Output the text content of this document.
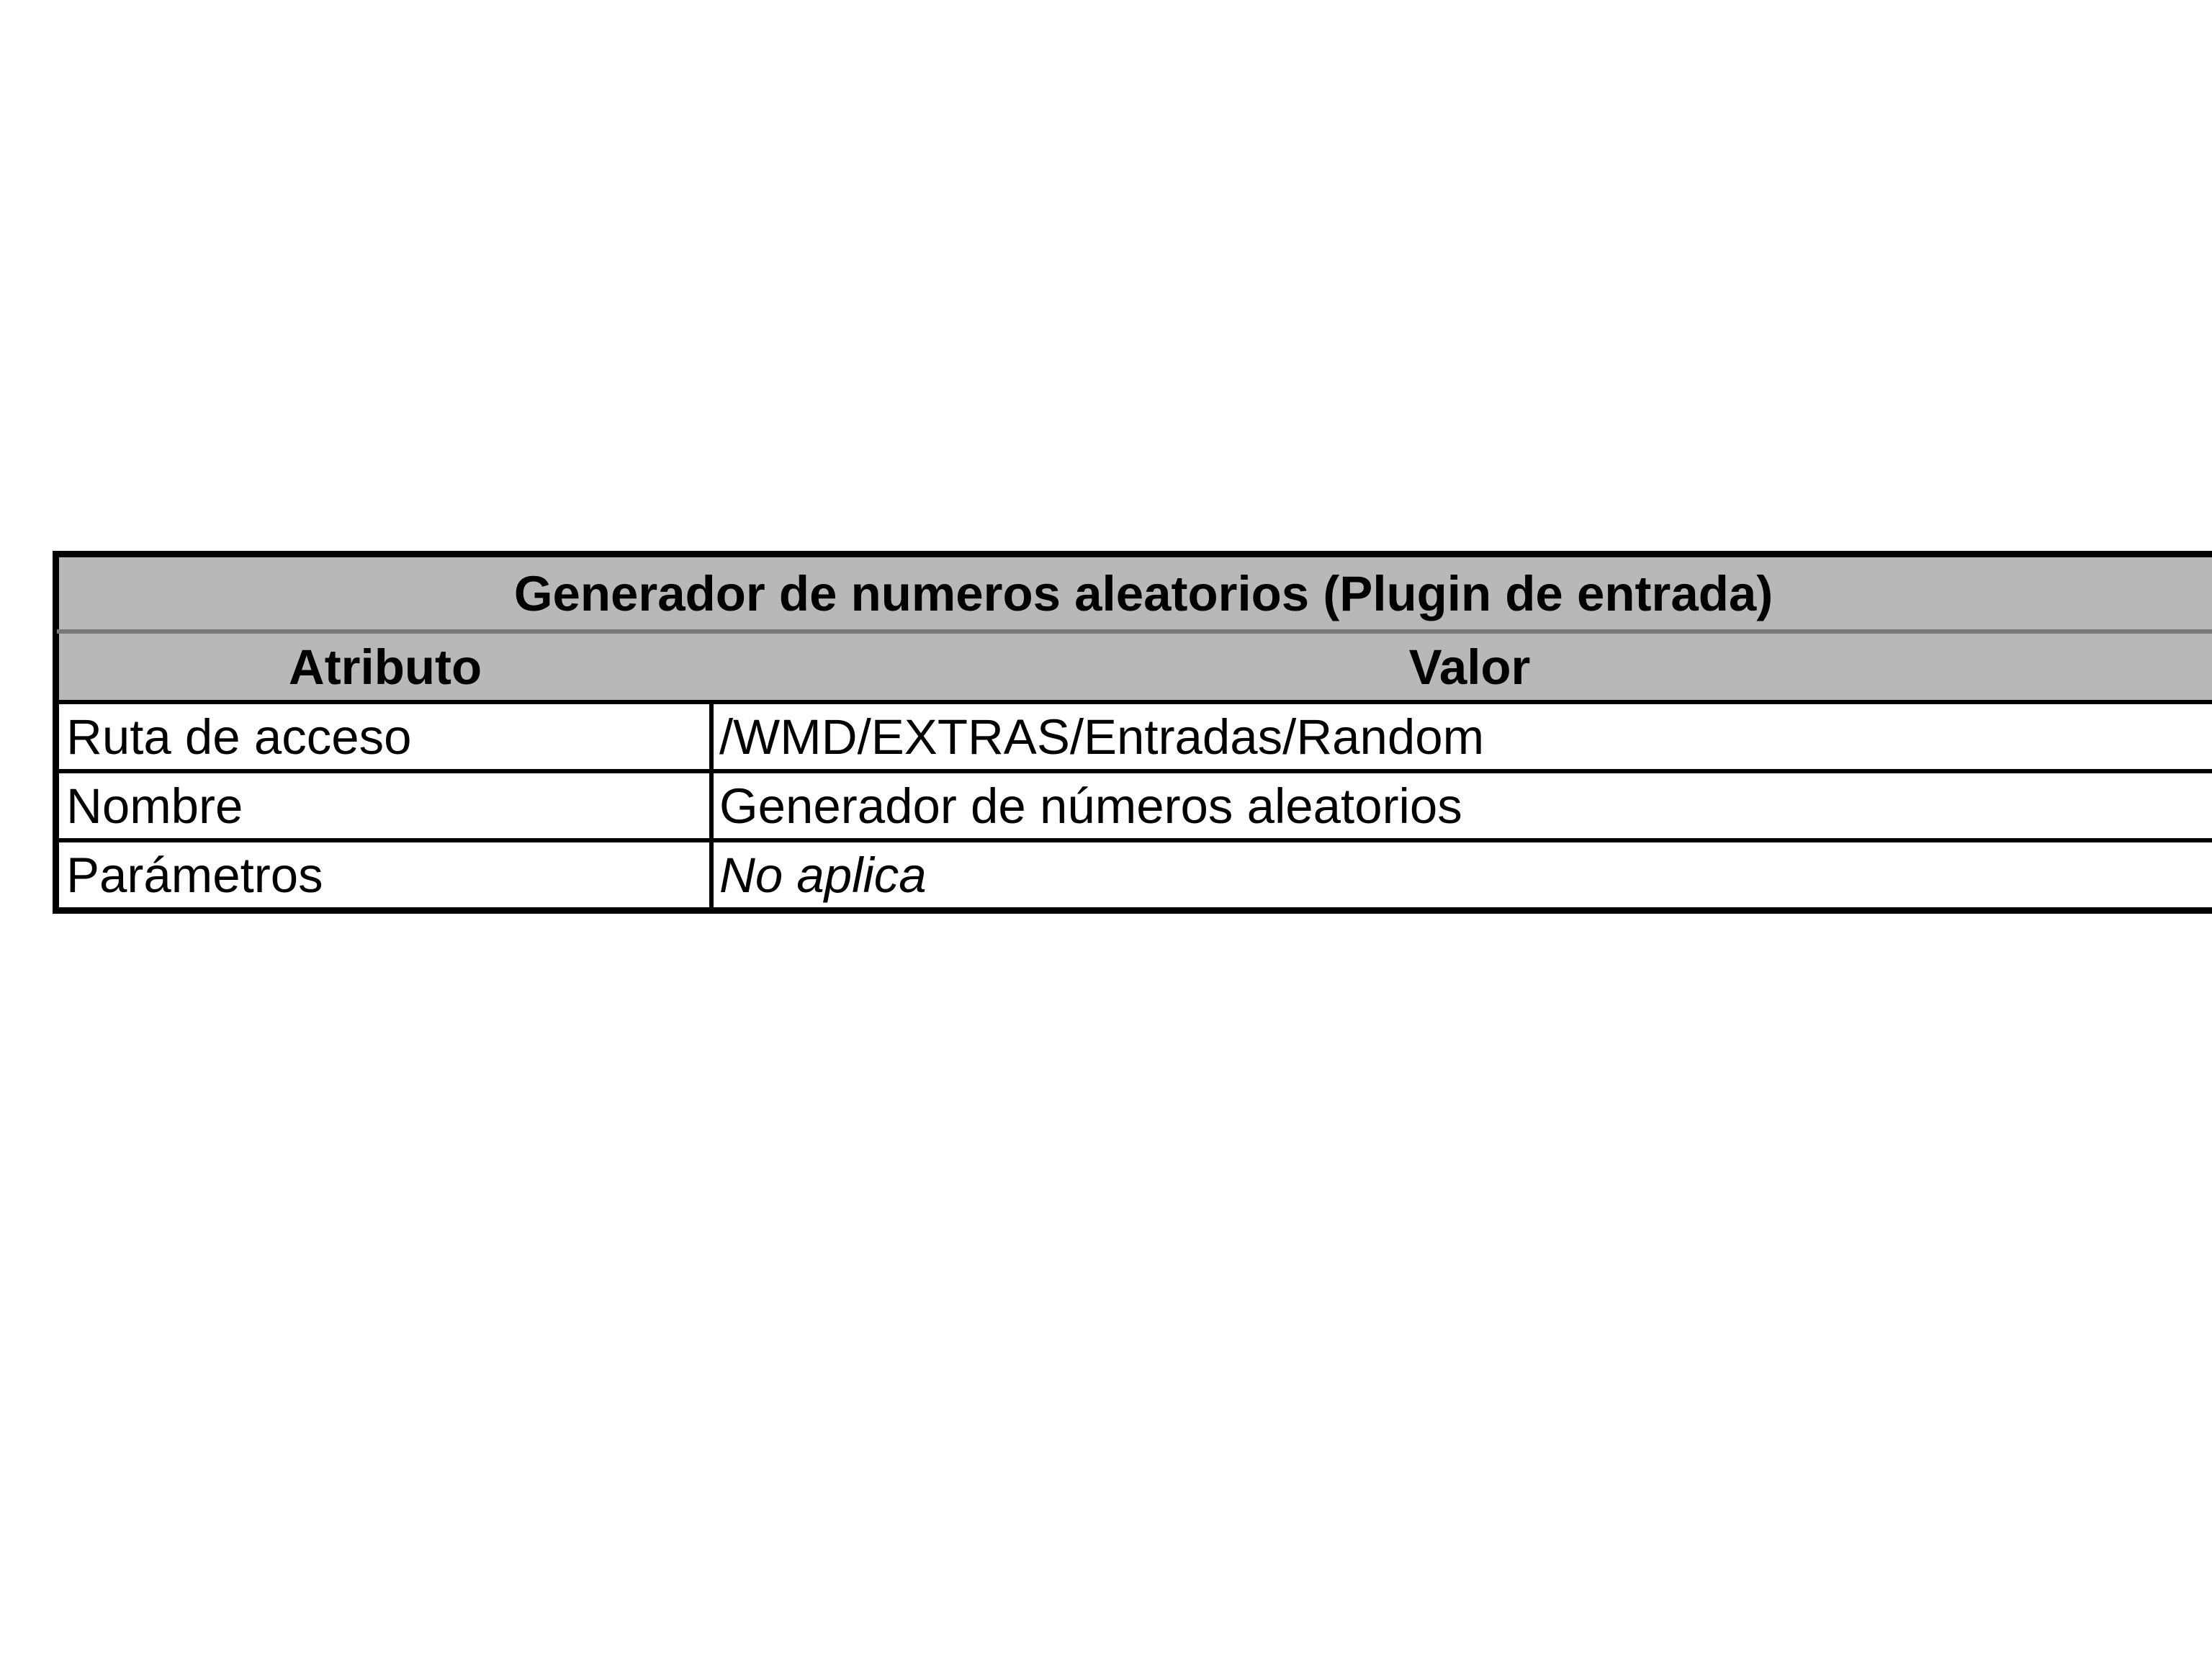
Generador de numeros aleatorios (Plugin de entrada)	
Atributo	Valor
Ruta de acceso	/WMD/EXTRAS/Entradas/Random
Nombre	Generador de números aleatorios
Parámetros	No aplica
